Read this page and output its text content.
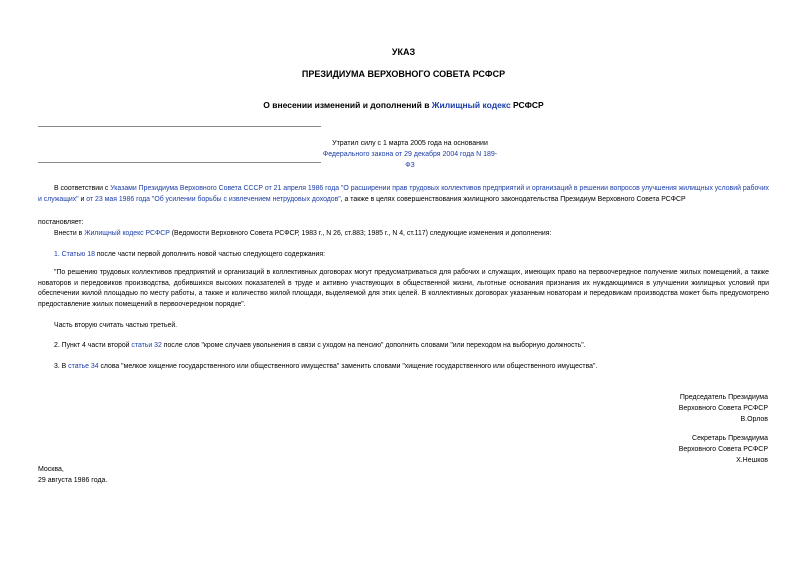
УКАЗ
ПРЕЗИДИУМА ВЕРХОВНОГО СОВЕТА РСФСР
О внесении изменений и дополнений в Жилищный кодекс РСФСР
Утратил силу с 1 марта 2005 года на основании
Федерального закона от 29 декабря 2004 года N 189-ФЗ
В соответствии с Указами Президиума Верховного Совета СССР от 21 апреля 1986 года "О расширении прав трудовых коллективов предприятий и организаций в решении вопросов улучшения жилищных условий рабочих и служащих" и от 23 мая 1986 года "Об усилении борьбы с извлечением нетрудовых доходов", а также в целях совершенствования жилищного законодательства Президиум Верховного Совета РСФСР
постановляет:
Внести в Жилищный кодекс РСФСР (Ведомости Верховного Совета РСФСР, 1983 г., N 26, ст.883; 1985 г., N 4, ст.117) следующие изменения и дополнения:
1. Статью 18 после части первой дополнить новой частью следующего содержания:
"По решению трудовых коллективов предприятий и организаций в коллективных договорах могут предусматриваться для рабочих и служащих, имеющих право на первоочередное получение жилых помещений, а также новаторов и передовиков производства, добившихся высоких показателей в труде и активно участвующих в общественной жизни, льготные основания признания их нуждающимися в улучшении жилищных условий при обеспечении жилой площадью по месту работы, а также и количество жилой площади, выделяемой для этих целей. В коллективных договорах указанным новаторам и передовикам производства может быть предусмотрено предоставление жилых помещений в первоочередном порядке".
Часть вторую считать частью третьей.
2. Пункт 4 части второй статьи 32 после слов "кроме случаев увольнения в связи с уходом на пенсию" дополнить словами "или переходом на выборную должность".
3. В статье 34 слова "мелкое хищение государственного или общественного имущества" заменить словами "хищение государственного или общественного имущества".
Председатель Президиума
Верховного Совета РСФСР
В.Орлов
Секретарь Президиума
Верховного Совета РСФСР
Х.Нешков
Москва,
29 августа 1986 года.
